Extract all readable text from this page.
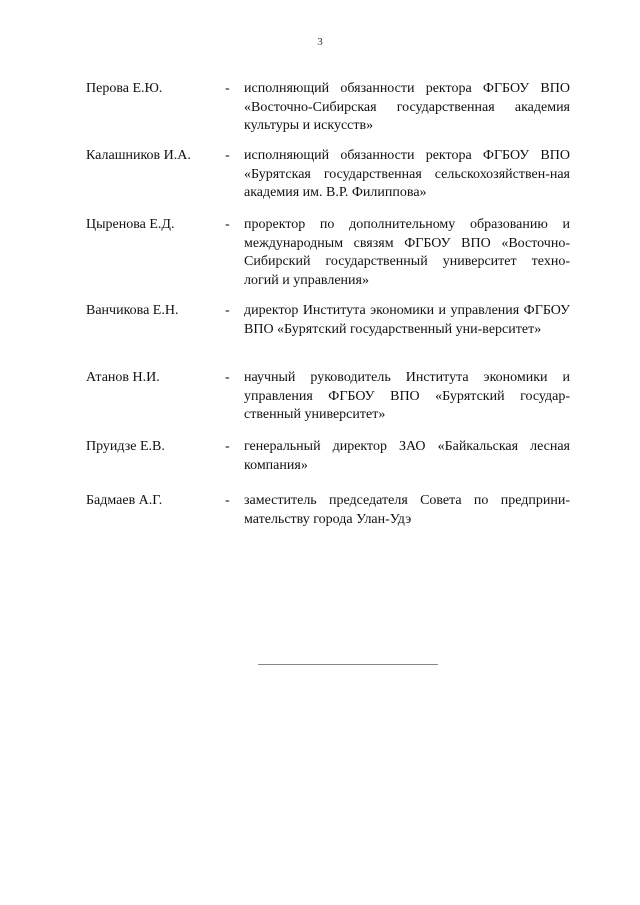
3
Перова Е.Ю.	-	исполняющий обязанности ректора ФГБОУ ВПО «Восточно-Сибирская государственная академия культуры и искусств»
Калашников И.А.	-	исполняющий обязанности ректора ФГБОУ ВПО «Бурятская государственная сельскохозяйствен-ная академия им. В.Р. Филиппова»
Цыренова Е.Д.	-	проректор по дополнительному образованию и международным связям ФГБОУ ВПО «Восточно-Сибирский государственный университет техно-логий и управления»
Ванчикова Е.Н.	-	директор Института экономики и управления ФГБОУ ВПО «Бурятский государственный уни-верситет»
Атанов Н.И.	-	научный руководитель Института экономики и управления ФГБОУ ВПО «Бурятский государ-ственный университет»
Пруидзе Е.В.	-	генеральный директор ЗАО «Байкальская лесная компания»
Бадмаев А.Г.	-	заместитель председателя Совета по предприни-мательству города Улан-Удэ
